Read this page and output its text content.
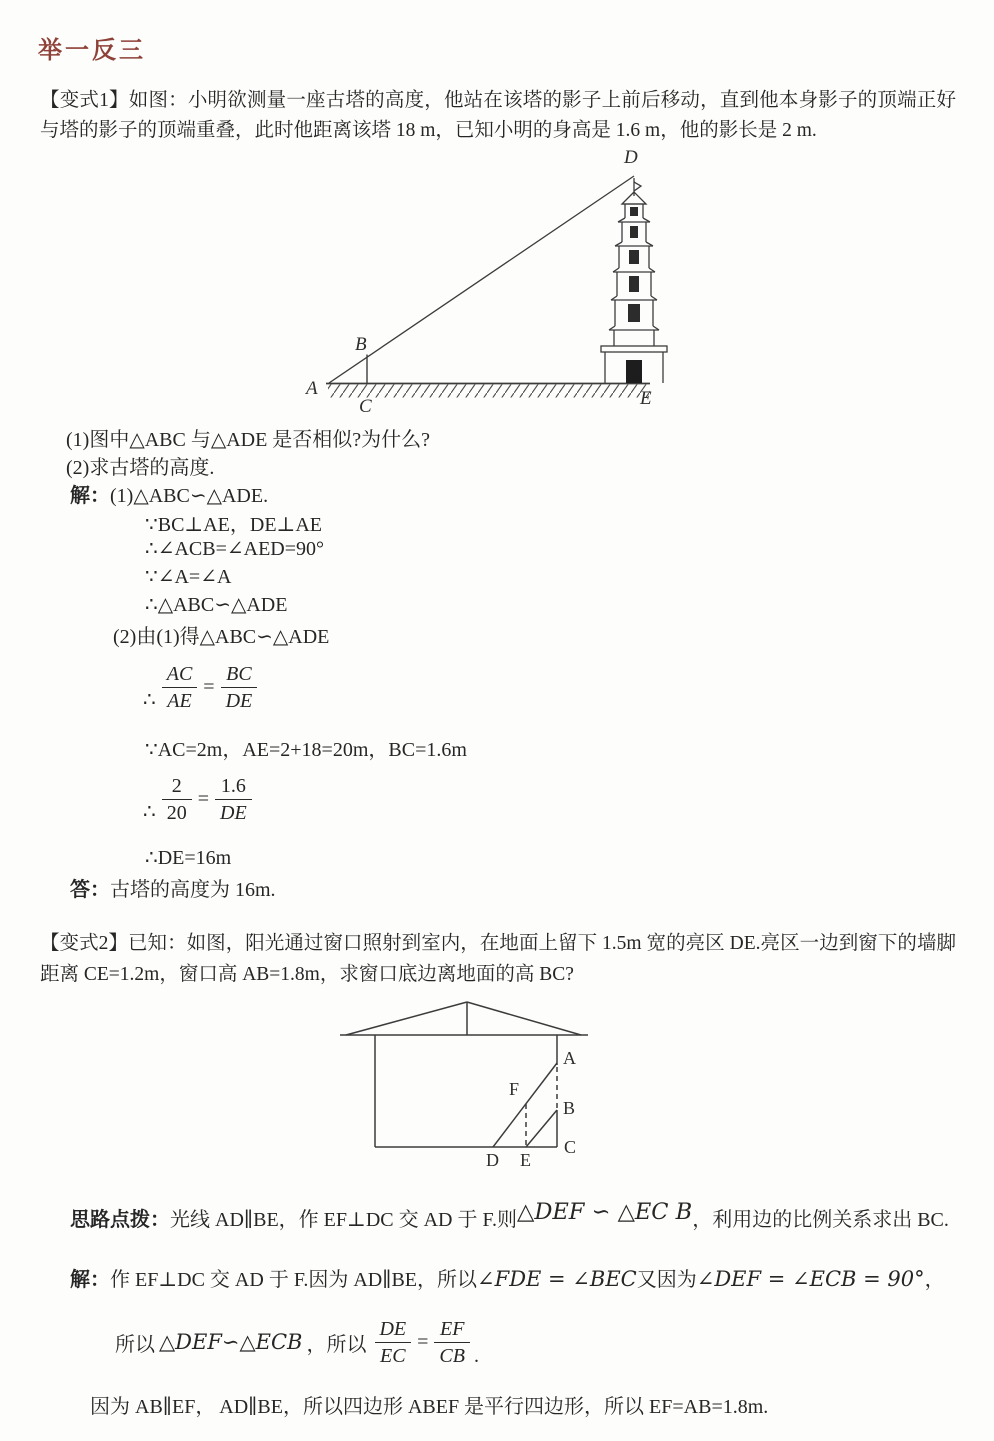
举一反三
【变式1】如图：小明欲测量一座古塔的高度，他站在该塔的影子上前后移动，直到他本身影子的顶端正好与塔的影子的顶端重叠，此时他距离该塔 18 m，已知小明的身高是 1.6 m，他的影长是 2 m.
A
B
C
D
E
(1)图中△ABC 与△ADE 是否相似?为什么?
(2)求古塔的高度.
解：(1)△ABC∽△ADE.
∵BC⊥AE，DE⊥AE
∴∠ACB=∠AED=90°
∵∠A=∠A
∴△ABC∽△ADE
(2)由(1)得△ABC∽△ADE
∴ $\frac{AC}{AE} = \frac{BC}{DE}$
∵AC=2m，AE=2+18=20m，BC=1.6m
∴ $\frac{2}{20} = \frac{1.6}{DE}$
∴DE=16m
答：古塔的高度为 16m.
【变式2】已知：如图，阳光通过窗口照射到室内，在地面上留下 1.5m 宽的亮区 DE.亮区一边到窗下的墙脚距离 CE=1.2m，窗口高 AB=1.8m，求窗口底边离地面的高 BC?
A
B
C
D E
F
思路点拨：光线 AD∥BE，作 EF⊥DC 交 AD 于 F.则△DEF ∽ △EC B，利用边的比例关系求出 BC.
解：作 EF⊥DC 交 AD 于 F.因为 AD∥BE，所以∠FDE = ∠BEC又因为∠DEF = ∠ECB = 90°，
所以 △DEF∽△ECB ，所以 $\frac{DE}{EC} = \frac{EF}{CB}$ .
因为 AB∥EF， AD∥BE，所以四边形 ABEF 是平行四边形，所以 EF=AB=1.8m.
